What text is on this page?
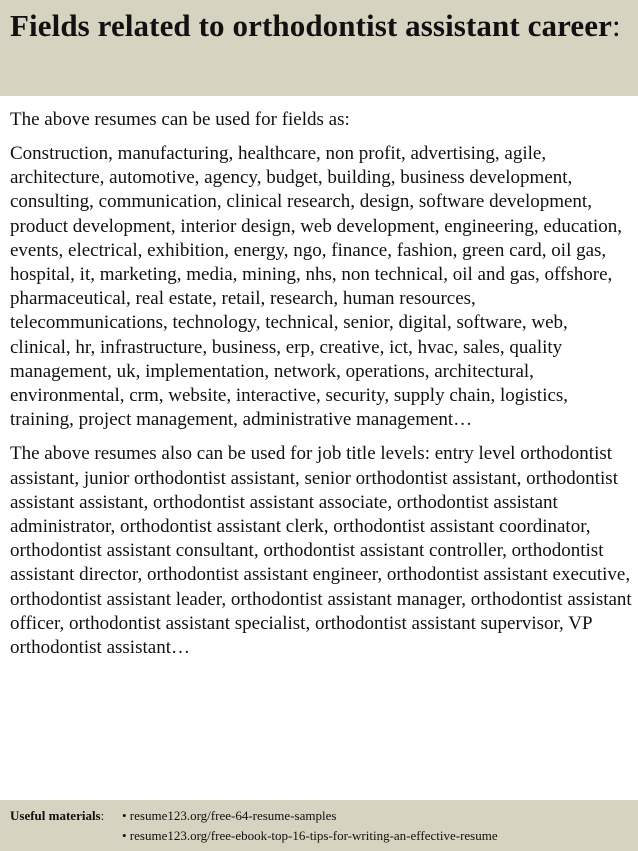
Fields related to orthodontist assistant career:

The above resumes can be used for fields as:

Construction, manufacturing, healthcare, non profit, advertising, agile, architecture, automotive, agency, budget, building, business development, consulting, communication, clinical research, design, software development, product development, interior design, web development, engineering, education, events, electrical, exhibition, energy, ngo, finance, fashion, green card, oil gas, hospital, it, marketing, media, mining, nhs, non technical, oil and gas, offshore, pharmaceutical, real estate, retail, research, human resources, telecommunications, technology, technical, senior, digital, software, web, clinical, hr, infrastructure, business, erp, creative, ict, hvac, sales, quality management, uk, implementation, network, operations, architectural, environmental, crm, website, interactive, security, supply chain, logistics, training, project management, administrative management…

The above resumes also can be used for job title levels: entry level orthodontist assistant, junior orthodontist assistant, senior orthodontist assistant, orthodontist assistant assistant, orthodontist assistant associate, orthodontist assistant administrator, orthodontist assistant clerk, orthodontist assistant coordinator, orthodontist assistant consultant, orthodontist assistant controller, orthodontist assistant director, orthodontist assistant engineer, orthodontist assistant executive, orthodontist assistant leader, orthodontist assistant manager, orthodontist assistant officer, orthodontist assistant specialist, orthodontist assistant supervisor, VP orthodontist assistant…

Useful materials:	• resume123.org/free-64-resume-samples
• resume123.org/free-ebook-top-16-tips-for-writing-an-effective-resume
